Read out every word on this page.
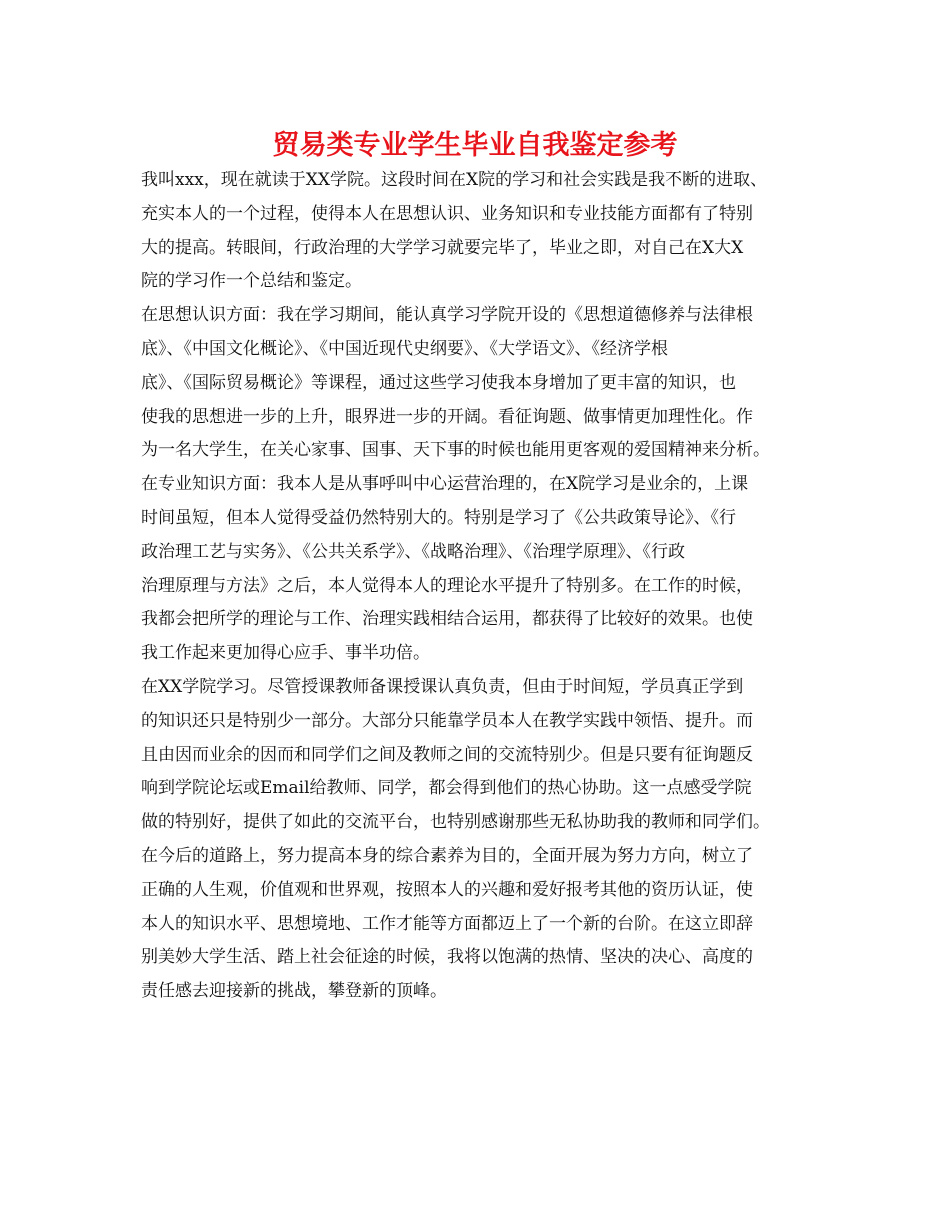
贸易类专业学生毕业自我鉴定参考
我叫xxx，现在就读于XX学院。这段时间在X院的学习和社会实践是我不断的进取、
充实本人的一个过程，使得本人在思想认识、业务知识和专业技能方面都有了特别
大的提高。转眼间，行政治理的大学学习就要完毕了，毕业之即，对自己在X大X
院的学习作一个总结和鉴定。
在思想认识方面：我在学习期间，能认真学习学院开设的《思想道德修养与法律根
底》、《中国文化概论》、《中国近现代史纲要》、《大学语文》、《经济学根
底》、《国际贸易概论》等课程，通过这些学习使我本身增加了更丰富的知识，也
使我的思想进一步的上升，眼界进一步的开阔。看征询题、做事情更加理性化。作
为一名大学生，在关心家事、国事、天下事的时候也能用更客观的爱国精神来分析。
在专业知识方面：我本人是从事呼叫中心运营治理的，在X院学习是业余的，上课
时间虽短，但本人觉得受益仍然特别大的。特别是学习了《公共政策导论》、《行
政治理工艺与实务》、《公共关系学》、《战略治理》、《治理学原理》、《行政
治理原理与方法》之后，本人觉得本人的理论水平提升了特别多。在工作的时候，
我都会把所学的理论与工作、治理实践相结合运用，都获得了比较好的效果。也使
我工作起来更加得心应手、事半功倍。
在XX学院学习。尽管授课教师备课授课认真负责，但由于时间短，学员真正学到
的知识还只是特别少一部分。大部分只能靠学员本人在教学实践中领悟、提升。而
且由因而业余的因而和同学们之间及教师之间的交流特别少。但是只要有征询题反
响到学院论坛或Email给教师、同学，都会得到他们的热心协助。这一点感受学院
做的特别好，提供了如此的交流平台，也特别感谢那些无私协助我的教师和同学们。
在今后的道路上，努力提高本身的综合素养为目的，全面开展为努力方向，树立了
正确的人生观，价值观和世界观，按照本人的兴趣和爱好报考其他的资历认证，使
本人的知识水平、思想境地、工作才能等方面都迈上了一个新的台阶。在这立即辞
别美妙大学生活、踏上社会征途的时候，我将以饱满的热情、坚决的决心、高度的
责任感去迎接新的挑战，攀登新的顶峰。
